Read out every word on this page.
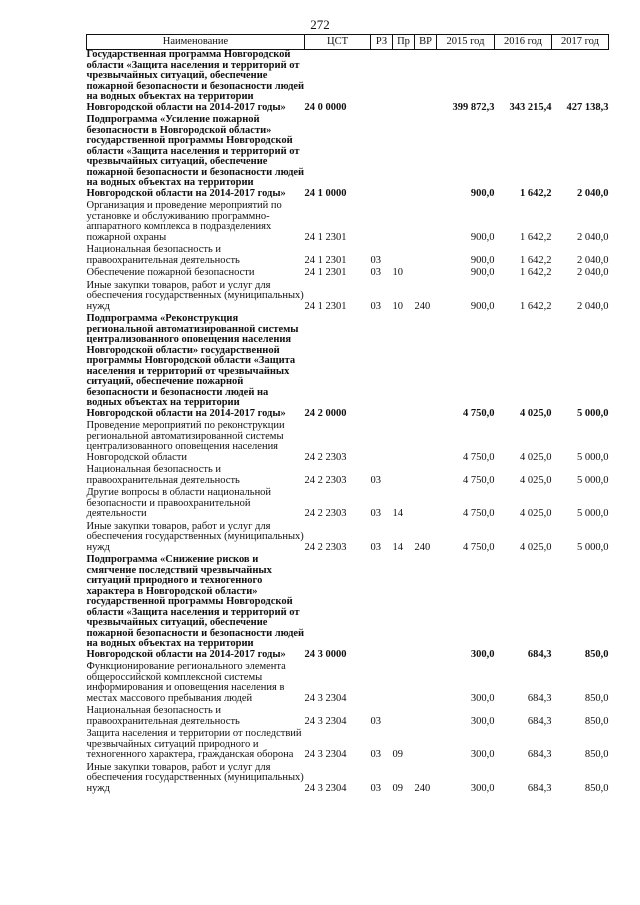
272
Наименование	ЦСТ	РЗ	Пр	ВР	2015 год	2016 год	2017 год
Государственная программа Новгородской области «Защита населения и территорий от чрезвычайных ситуаций, обеспечение пожарной безопасности и безопасности людей на водных объектах на территории Новгородской области на 2014-2017 годы»	24 0 0000				399 872,3	343 215,4	427 138,3
Подпрограмма «Усиление пожарной безопасности в Новгородской области» государственной программы Новгородской области «Защита населения и территорий от чрезвычайных ситуаций, обеспечение пожарной безопасности и безопасности людей на водных объектах на территории Новгородской области на 2014-2017 годы»	24 1 0000				900,0	1 642,2	2 040,0
Организация и проведение мероприятий по установке и обслуживанию программно-аппаратного комплекса в подразделениях пожарной охраны	24 1 2301				900,0	1 642,2	2 040,0
Национальная безопасность и правоохранительная деятельность	24 1 2301	03			900,0	1 642,2	2 040,0
Обеспечение пожарной безопасности	24 1 2301	03	10		900,0	1 642,2	2 040,0
Иные закупки товаров, работ и услуг для обеспечения государственных (муниципальных) нужд	24 1 2301	03	10	240	900,0	1 642,2	2 040,0
Подпрограмма «Реконструкция региональной автоматизированной системы централизованного оповещения населения Новгородской области» государственной программы Новгородской области «Защита населения и территорий от чрезвычайных ситуаций, обеспечение пожарной безопасности и безопасности людей на водных объектах на территории Новгородской области на 2014-2017 годы»	24 2 0000				4 750,0	4 025,0	5 000,0
Проведение мероприятий по реконструкции региональной автоматизированной системы централизованного оповещения населения Новгородской области	24 2 2303				4 750,0	4 025,0	5 000,0
Национальная безопасность и правоохранительная деятельность	24 2 2303	03			4 750,0	4 025,0	5 000,0
Другие вопросы в области национальной безопасности и правоохранительной деятельности	24 2 2303	03	14		4 750,0	4 025,0	5 000,0
Иные закупки товаров, работ и услуг для обеспечения государственных (муниципальных) нужд	24 2 2303	03	14	240	4 750,0	4 025,0	5 000,0
Подпрограмма «Снижение рисков и смягчение последствий чрезвычайных ситуаций природного и техногенного характера в Новгородской области» государственной программы Новгородской области «Защита населения и территорий от чрезвычайных ситуаций, обеспечение пожарной безопасности и безопасности людей на водных объектах на территории Новгородской области на 2014-2017 годы»	24 3 0000				300,0	684,3	850,0
Функционирование регионального элемента общероссийской комплексной системы информирования и оповещения населения в местах массового пребывания людей	24 3 2304				300,0	684,3	850,0
Национальная безопасность и правоохранительная деятельность	24 3 2304	03			300,0	684,3	850,0
Защита населения и территории от последствий чрезвычайных ситуаций природного и техногенного характера, гражданская оборона	24 3 2304	03	09		300,0	684,3	850,0
Иные закупки товаров, работ и услуг для обеспечения государственных (муниципальных) нужд	24 3 2304	03	09	240	300,0	684,3	850,0
